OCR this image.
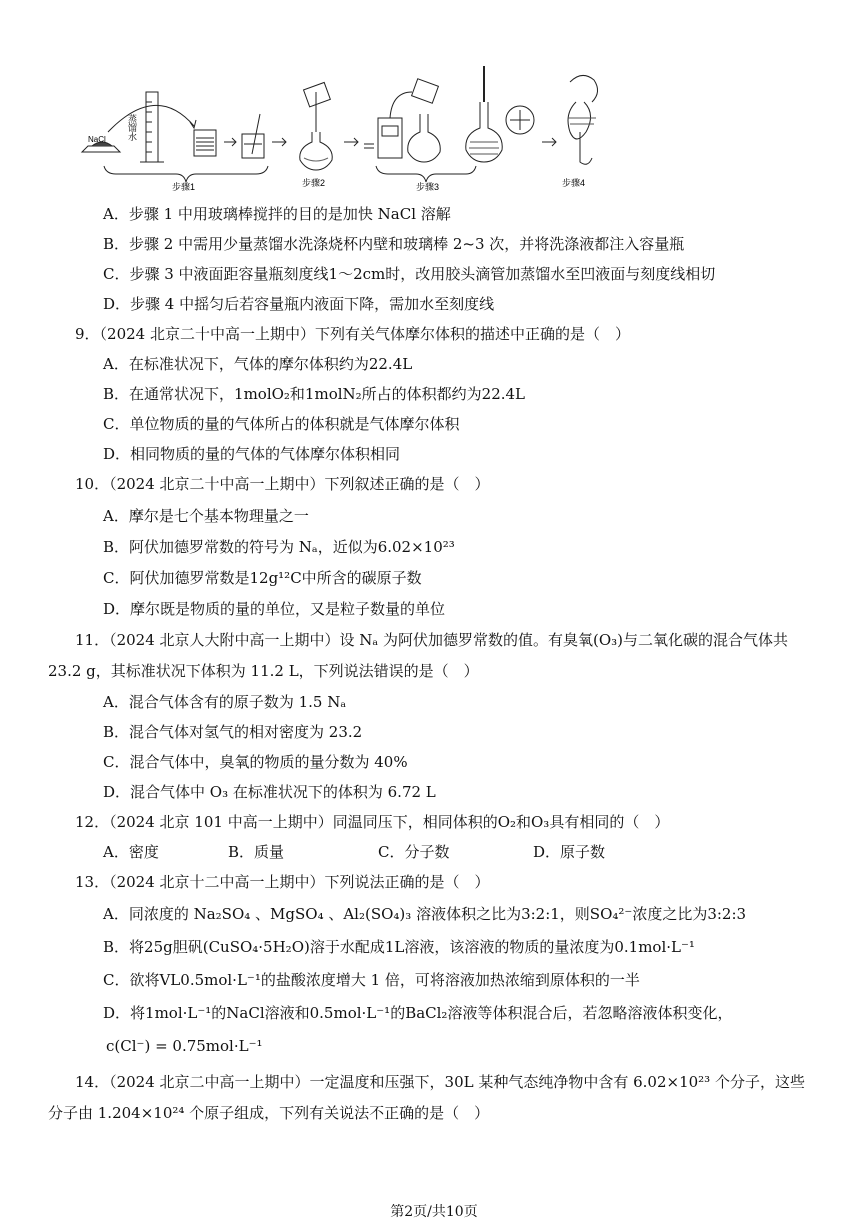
NaCl 蒸馏水
步骤1	步骤2	步骤3	步骤4
A．步骤 1 中用玻璃棒搅拌的目的是加快 NaCl 溶解
B．步骤 2 中需用少量蒸馏水洗涤烧杯内壁和玻璃棒 2~3 次，并将洗涤液都注入容量瓶
C．步骤 3 中液面距容量瓶刻度线1～2cm时，改用胶头滴管加蒸馏水至凹液面与刻度线相切
D．步骤 4 中摇匀后若容量瓶内液面下降，需加水至刻度线
9．（2024 北京二十中高一上期中）下列有关气体摩尔体积的描述中正确的是（　）
A．在标准状况下，气体的摩尔体积约为22.4L
B．在通常状况下，1molO₂和1molN₂所占的体积都约为22.4L
C．单位物质的量的气体所占的体积就是气体摩尔体积
D．相同物质的量的气体的气体摩尔体积相同
10．（2024 北京二十中高一上期中）下列叙述正确的是（　）
A．摩尔是七个基本物理量之一
B．阿伏加德罗常数的符号为 Nₐ，近似为6.02×10²³
C．阿伏加德罗常数是12g¹²C中所含的碳原子数
D．摩尔既是物质的量的单位，又是粒子数量的单位
11．（2024 北京人大附中高一上期中）设 Nₐ 为阿伏加德罗常数的值。有臭氧(O₃)与二氧化碳的混合气体共
23.2 g，其标准状况下体积为 11.2 L，下列说法错误的是（　）
A．混合气体含有的原子数为 1.5 Nₐ
B．混合气体对氢气的相对密度为 23.2
C．混合气体中，臭氧的物质的量分数为 40%
D．混合气体中 O₃ 在标准状况下的体积为 6.72 L
12．（2024 北京 101 中高一上期中）同温同压下，相同体积的O₂和O₃具有相同的（　）
A．密度	B．质量	C．分子数	D．原子数
13．（2024 北京十二中高一上期中）下列说法正确的是（　）
A．同浓度的 Na₂SO₄ 、MgSO₄ 、Al₂(SO₄)₃ 溶液体积之比为3:2:1，则SO₄²⁻浓度之比为3:2:3
B．将25g胆矾(CuSO₄·5H₂O)溶于水配成1L溶液，该溶液的物质的量浓度为0.1mol·L⁻¹
C．欲将VL0.5mol·L⁻¹的盐酸浓度增大 1 倍，可将溶液加热浓缩到原体积的一半
D．将1mol·L⁻¹的NaCl溶液和0.5mol·L⁻¹的BaCl₂溶液等体积混合后，若忽略溶液体积变化，
c(Cl⁻) = 0.75mol·L⁻¹
14．（2024 北京二中高一上期中）一定温度和压强下，30L 某种气态纯净物中含有 6.02×10²³ 个分子，这些
分子由 1.204×10²⁴ 个原子组成，下列有关说法不正确的是（　）
第2页/共10页
